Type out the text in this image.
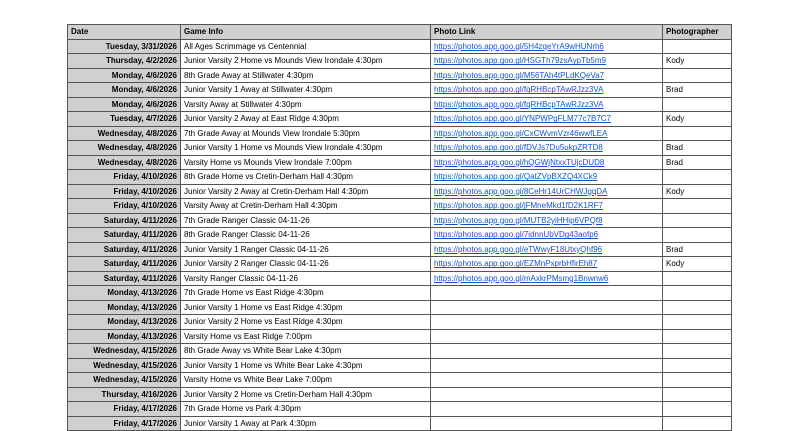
Date	Game Info	Photo Link	Photographer
Tuesday, 3/31/2026	All Ages Scrimmage vs Centennial	https://photos.app.goo.gl/5H4zqeYrA9wHUNrh6	
Thursday, 4/2/2026	Junior Varsity 2 Home vs Mounds View Irondale 4:30pm	https://photos.app.goo.gl/HSGTh79zsAypTb5m9	Kody
Monday, 4/6/2026	8th Grade Away at Stillwater 4:30pm	https://photos.app.goo.gl/M56TAh4tPLdKQeVa7	
Monday, 4/6/2026	Junior Varsity 1 Away at Stillwater 4:30pm	https://photos.app.goo.gl/fqRHBcpTAwRJzz3VA	Brad
Monday, 4/6/2026	Varsity Away at Stillwater 4:30pm	https://photos.app.goo.gl/fqRHBcpTAwRJzz3VA	
Tuesday, 4/7/2026	Junior Varsity 2 Away at East Ridge 4:30pm	https://photos.app.goo.gl/YNPWPgFLM77c7B7C7	Kody
Wednesday, 4/8/2026	7th Grade Away at Mounds View Irondale 5:30pm	https://photos.app.goo.gl/CxCWvmVzr46wwfLEA	
Wednesday, 4/8/2026	Junior Varsity 1 Home vs Mounds View Irondale 4:30pm	https://photos.app.goo.gl/fDVJs7Du5ukpZRTD8	Brad
Wednesday, 4/8/2026	Varsity Home vs Mounds View Irondale 7:00pm	https://photos.app.goo.gl/hQGWjNtxxTUjcDUD8	Brad
Friday, 4/10/2026	8th Grade Home vs Cretin-Derham Hall 4:30pm	https://photos.app.goo.gl/QatZVpBXZQ4XCk9	
Friday, 4/10/2026	Junior Varsity 2 Away at Cretin-Derham Hall 4:30pm	https://photos.app.goo.gl/8CeHr14UrCHWJgqDA	Kody
Friday, 4/10/2026	Varsity Away at Cretin-Derham Hall 4:30pm	https://photos.app.goo.gl/jFMneMkd1fD2K1RF7	
Saturday, 4/11/2026	7th Grade Ranger Classic 04-11-26	https://photos.app.goo.gl/MUTB2yiHHip6VPQf8	
Saturday, 4/11/2026	8th Grade Ranger Classic 04-11-26	https://photos.app.goo.gl/7idnnUbVDg43aofp6	
Saturday, 4/11/2026	Junior Varsity 1 Ranger Classic 04-11-26	https://photos.app.goo.gl/eTWwyF18UtxyQhf96	Brad
Saturday, 4/11/2026	Junior Varsity 2 Ranger Classic 04-11-26	https://photos.app.goo.gl/EZMnPxprbHfirEh87	Kody
Saturday, 4/11/2026	Varsity Ranger Classic 04-11-26	https://photos.app.goo.gl/mAxkrPMsmg1Bnwnw6	
Monday, 4/13/2026	7th Grade Home vs East Ridge 4:30pm		
Monday, 4/13/2026	Junior Varsity 1 Home vs East Ridge 4:30pm		
Monday, 4/13/2026	Junior Varsity 2 Home vs East Ridge 4:30pm		
Monday, 4/13/2026	Varsity Home vs East Ridge 7:00pm		
Wednesday, 4/15/2026	8th Grade Away vs White Bear Lake 4:30pm		
Wednesday, 4/15/2026	Junior Varsity 1 Home vs White Bear Lake 4:30pm		
Wednesday, 4/15/2026	Varsity Home vs White Bear Lake 7:00pm		
Thursday, 4/16/2026	Junior Varsity 2 Home vs Cretin-Derham Hall 4:30pm		
Friday, 4/17/2026	7th Grade Home vs Park 4:30pm		
Friday, 4/17/2026	Junior Varsity 1 Away at Park 4:30pm		
